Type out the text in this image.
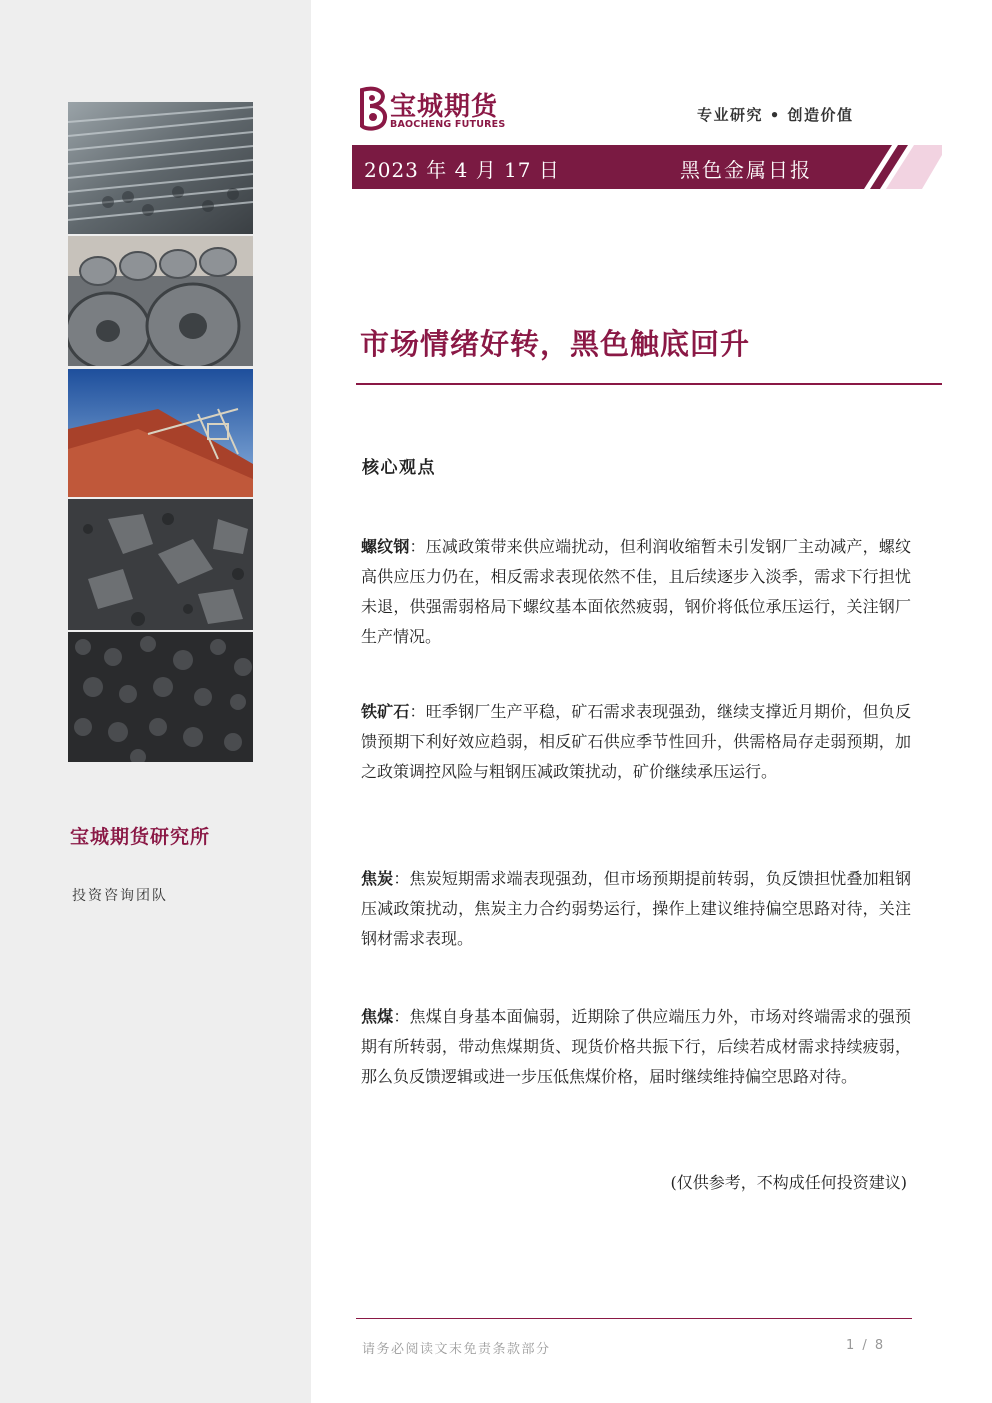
宝城期货研究所
投资咨询团队
宝城期货
BAOCHENG FUTURES
专业研究 • 创造价值
2023 年 4 月 17 日	黑色金属日报
市场情绪好转，黑色触底回升
核心观点
螺纹钢：压减政策带来供应端扰动，但利润收缩暂未引发钢厂主动减产，螺纹高供应压力仍在，相反需求表现依然不佳，且后续逐步入淡季，需求下行担忧未退，供强需弱格局下螺纹基本面依然疲弱，钢价将低位承压运行，关注钢厂生产情况。
铁矿石：旺季钢厂生产平稳，矿石需求表现强劲，继续支撑近月期价，但负反馈预期下利好效应趋弱，相反矿石供应季节性回升，供需格局存走弱预期，加之政策调控风险与粗钢压减政策扰动，矿价继续承压运行。
焦炭：焦炭短期需求端表现强劲，但市场预期提前转弱，负反馈担忧叠加粗钢压减政策扰动，焦炭主力合约弱势运行，操作上建议维持偏空思路对待，关注钢材需求表现。
焦煤：焦煤自身基本面偏弱，近期除了供应端压力外，市场对终端需求的强预期有所转弱，带动焦煤期货、现货价格共振下行，后续若成材需求持续疲弱，那么负反馈逻辑或进一步压低焦煤价格，届时继续维持偏空思路对待。
(仅供参考，不构成任何投资建议)
请务必阅读文末免责条款部分	1 / 8
